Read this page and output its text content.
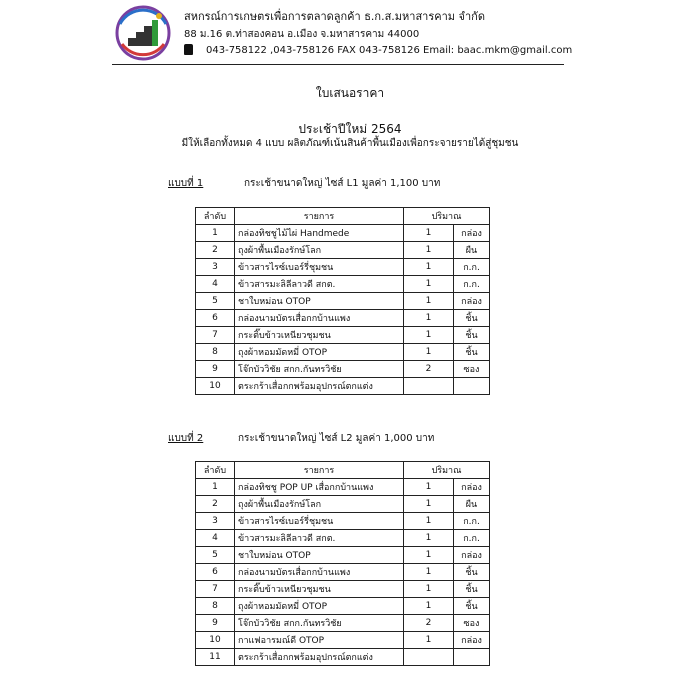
สหกรณ์การเกษตรเพื่อการตลาดลูกค้า ธ.ก.ส.มหาสารคาม จำกัด
88 ม.16 ต.ท่าสองคอน อ.เมือง จ.มหาสารคาม 44000
043-758122 ,043-758126 FAX 043-758126 Email: baac.mkm@gmail.com
ใบเสนอราคา
ประเช้าปีใหม่ 2564
มีให้เลือกทั้งหมด 4 แบบ ผลิตภัณฑ์เน้นสินค้าพื้นเมืองเพื่อกระจายรายได้สู่ชุมชน
แบบที่ 1	กระเช้าขนาดใหญ่ ไซส์ L1 มูลค่า 1,100 บาท
ลำดับ	รายการ	ปริมาณ	
1	กล่องทิชชูไม้ไผ่ Handmede	1	กล่อง
2	ถุงผ้าพื้นเมืองรักษ์โลก	1	ผืน
3	ข้าวสารไรซ์เบอร์รี่ชุมชน	1	ก.ก.
4	ข้าวสารมะลิลีลาวดี สกต.	1	ก.ก.
5	ชาใบหม่อน OTOP	1	กล่อง
6	กล่องนามบัตรเสื่อกกบ้านแพง	1	ชิ้น
7	กระติ๊บข้าวเหนียวชุมชน	1	ชิ้น
8	ถุงผ้าหอมมัดหมี่ OTOP	1	ชิ้น
9	โจ๊กบัววิชัย สกก.กันทรวิชัย	2	ซอง
10	ตระกร้าเสื่อกกพร้อมอุปกรณ์ตกแต่ง		
แบบที่ 2	กระเช้าขนาดใหญ่ ไซส์ L2 มูลค่า 1,000 บาท
ลำดับ	รายการ	ปริมาณ	
1	กล่องทิชชู POP UP เสื่อกกบ้านแพง	1	กล่อง
2	ถุงผ้าพื้นเมืองรักษ์โลก	1	ผืน
3	ข้าวสารไรซ์เบอร์รี่ชุมชน	1	ก.ก.
4	ข้าวสารมะลิลีลาวดี สกต.	1	ก.ก.
5	ชาใบหม่อน OTOP	1	กล่อง
6	กล่องนามบัตรเสื่อกกบ้านแพง	1	ชิ้น
7	กระติ๊บข้าวเหนียวชุมชน	1	ชิ้น
8	ถุงผ้าหอมมัดหมี่ OTOP	1	ชิ้น
9	โจ๊กบัววิชัย สกก.กันทรวิชัย	2	ซอง
10	กาแฟอารมณ์ดี OTOP	1	กล่อง
11	ตระกร้าเสื่อกกพร้อมอุปกรณ์ตกแต่ง		
